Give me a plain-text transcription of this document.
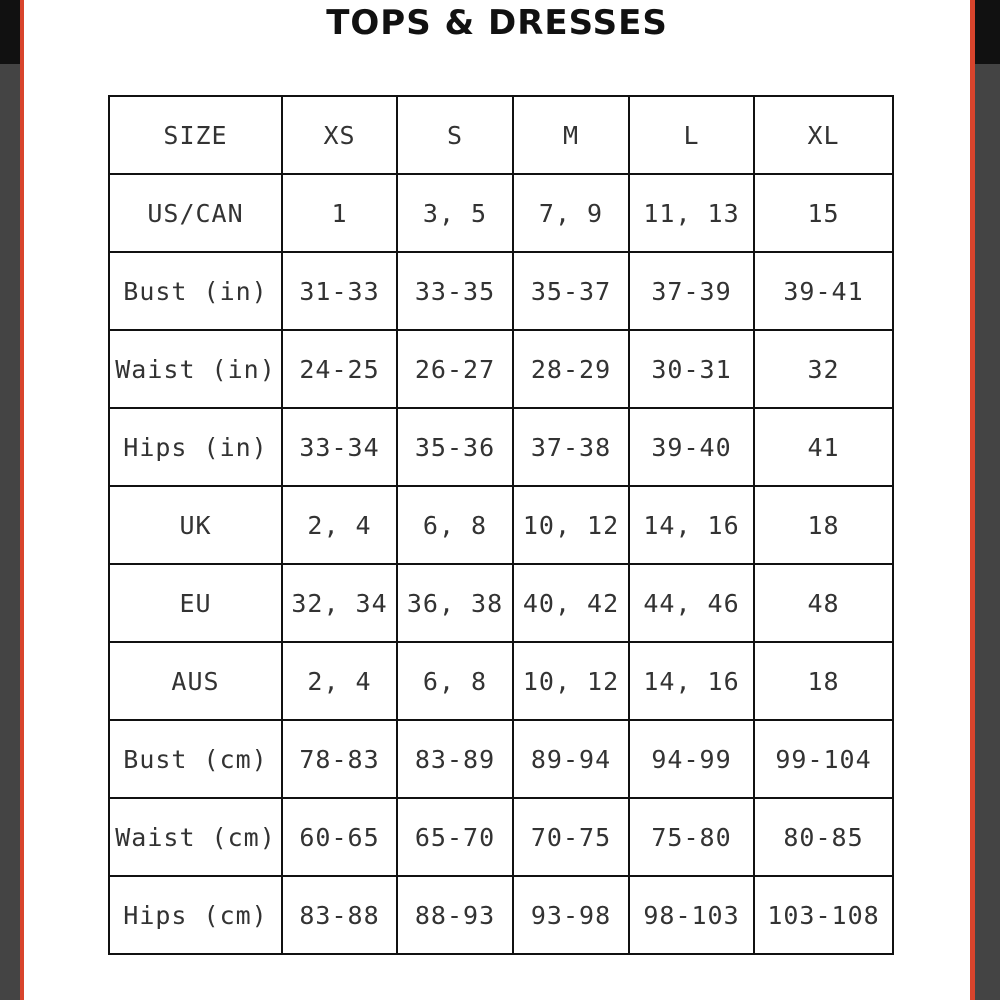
TOPS & DRESSES
SIZE	XS	S	M	L	XL
US/CAN	1	3, 5	7, 9	11, 13	15
Bust (in)	31-33	33-35	35-37	37-39	39-41
Waist (in)	24-25	26-27	28-29	30-31	32
Hips (in)	33-34	35-36	37-38	39-40	41
UK	2, 4	6, 8	10, 12	14, 16	18
EU	32, 34	36, 38	40, 42	44, 46	48
AUS	2, 4	6, 8	10, 12	14, 16	18
Bust (cm)	78-83	83-89	89-94	94-99	99-104
Waist (cm)	60-65	65-70	70-75	75-80	80-85
Hips (cm)	83-88	88-93	93-98	98-103	103-108
